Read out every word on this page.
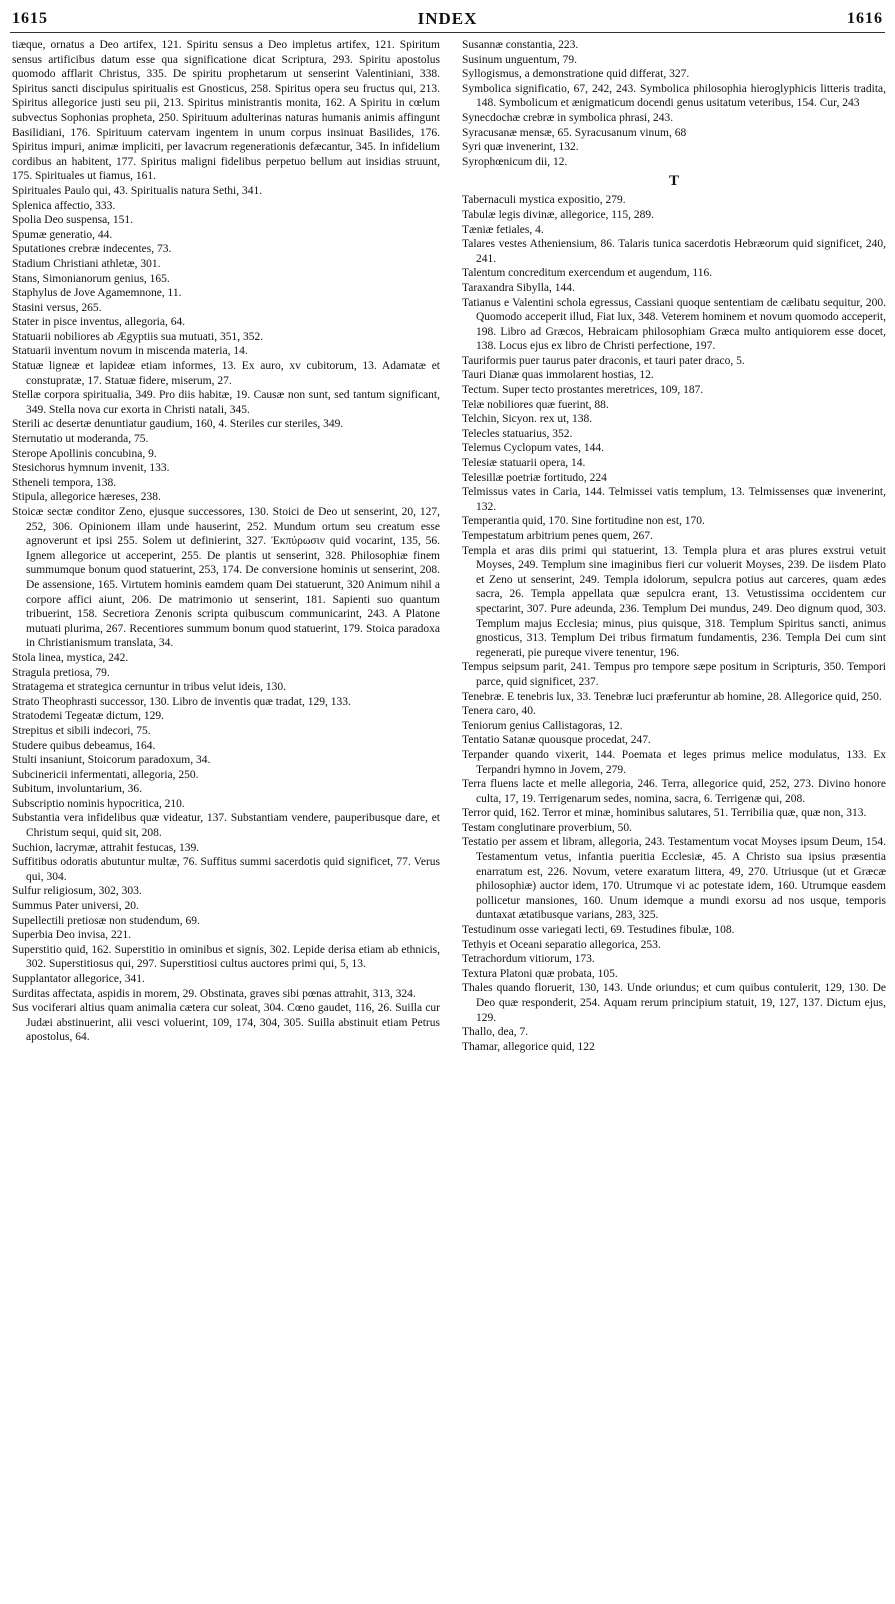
1615	INDEX	1616

tiæque, ornatus a Deo artifex, 121. Spiritu sensus a Deo impletus artifex, 121. Spiritum sensus artificibus datum esse qua significatione dicat Scriptura, 293. Spiritu apostolus quomodo afflarit Christus, 335. De spiritu prophetarum ut senserint Valentiniani, 338. Spiritus sancti discipulus spiritualis est Gnosticus, 258. Spiritus opera seu fructus qui, 213. Spiritus allegorice justi seu pii, 213. Spiritus ministrantis monita, 162. A Spiritu in cœlum subvectus Sophonias propheta, 250. Spirituum adulterinas naturas humanis animis affingunt Basilidiani, 176. Spirituum catervam ingentem in unum corpus insinuat Basilides, 176. Spiritus impuri, animæ impliciti, per lavacrum regenerationis defæcantur, 345. In infidelium cordibus an habitent, 177. Spiritus maligni fidelibus perpetuo bellum aut insidias struunt, 175. Spirituales ut fiamus, 161.

Spirituales Paulo qui, 43. Spiritualis natura Sethi, 341.

Splenica affectio, 333.

Spolia Deo suspensa, 151.

Spumæ generatio, 44.

Sputationes crebræ indecentes, 73.

Stadium Christiani athletæ, 301.

Stans, Simonianorum genius, 165.

Staphylus de Jove Agamemnone, 11.

Stasini versus, 265.

Stater in pisce inventus, allegoria, 64.

Statuarii nobiliores ab Ægyptiis sua mutuati, 351, 352.

Statuarii inventum novum in miscenda materia, 14.

Statuæ ligneæ et lapideæ etiam informes, 13. Ex auro, xv cubitorum, 13. Adamatæ et constupratæ, 17. Statuæ fidere, miserum, 27.

Stellæ corpora spiritualia, 349. Pro diis habitæ, 19. Causæ non sunt, sed tantum significant, 349. Stella nova cur exorta in Christi natali, 345.

Sterili ac desertæ denuntiatur gaudium, 160, 4. Steriles cur steriles, 349.

Sternutatio ut moderanda, 75.

Sterope Apollinis concubina, 9.

Stesichorus hymnum invenit, 133.

Stheneli tempora, 138.

Stipula, allegorice hæreses, 238.

Stoicæ sectæ conditor Zeno, ejusque successores, 130. Stoici de Deo ut senserint, 20, 127, 252, 306. Opinionem illam unde hauserint, 252. Mundum ortum seu creatum esse agnoverunt et ipsi 255. Solem ut definierint, 327. Ἐκπύρωσιν quid vocarint, 135, 56. Ignem allegorice ut acceperint, 255. De plantis ut senserint, 328. Philosophiæ finem summumque bonum quod statuerint, 253, 174. De conversione hominis ut senserint, 208. De assensione, 165. Virtutem hominis eamdem quam Dei statuerunt, 320 Animum nihil a corpore affici aiunt, 206. De matrimonio ut senserint, 181. Sapienti suo quantum tribuerint, 158. Secretiora Zenonis scripta quibuscum communicarint, 243. A Platone mutuati plurima, 267. Recentiores summum bonum quod statuerint, 179. Stoica paradoxa in Christianismum translata, 34.

Stola linea, mystica, 242.

Stragula pretiosa, 79.

Stratagema et strategica cernuntur in tribus velut ideis, 130.

Strato Theophrasti successor, 130. Libro de inventis quæ tradat, 129, 133.

Stratodemi Tegeatæ dictum, 129.

Strepitus et sibili indecori, 75.

Studere quibus debeamus, 164.

Stulti insaniunt, Stoicorum paradoxum, 34.

Subcinericii infermentati, allegoria, 250.

Subitum, involuntarium, 36.

Subscriptio nominis hypocritica, 210.

Substantia vera infidelibus quæ videatur, 137. Substantiam vendere, pauperibusque dare, et Christum sequi, quid sit, 208.

Suchion, lacrymæ, attrahit festucas, 139.

Suffitibus odoratis abutuntur multæ, 76. Suffitus summi sacerdotis quid significet, 77. Verus qui, 304.

Sulfur religiosum, 302, 303.

Summus Pater universi, 20.

Supellectili pretiosæ non studendum, 69.

Superbia Deo invisa, 221.

Superstitio quid, 162. Superstitio in ominibus et signis, 302. Lepide derisa etiam ab ethnicis, 302. Superstitiosus qui, 297. Superstitiosi cultus auctores primi qui, 5, 13.

Supplantator allegorice, 341.

Surditas affectata, aspidis in morem, 29. Obstinata, graves sibi pœnas attrahit, 313, 324.

Sus vociferari altius quam animalia cætera cur soleat, 304. Cœno gaudet, 116, 26. Suilla cur Judæi abstinuerint, alii vesci voluerint, 109, 174, 304, 305. Suilla abstinuit etiam Petrus apostolus, 64.

Susannæ constantia, 223.

Susinum unguentum, 79.

Syllogismus, a demonstratione quid differat, 327.

Symbolica significatio, 67, 242, 243. Symbolica philosophia hieroglyphicis litteris tradita, 148. Symbolicum et ænigmaticum docendi genus usitatum veteribus, 154. Cur, 243

Synecdochæ crebræ in symbolica phrasi, 243.

Syracusanæ mensæ, 65. Syracusanum vinum, 68

Syri quæ invenerint, 132.

Syrophœnicum dii, 12.

T

Tabernaculi mystica expositio, 279.

Tabulæ legis divinæ, allegorice, 115, 289.

Tæniæ fetiales, 4.

Talares vestes Atheniensium, 86. Talaris tunica sacerdotis Hebræorum quid significet, 240, 241.

Talentum concreditum exercendum et augendum, 116.

Taraxandra Sibylla, 144.

Tatianus e Valentini schola egressus, Cassiani quoque sententiam de cælibatu sequitur, 200. Quomodo acceperit illud, Fiat lux, 348. Veterem hominem et novum quomodo acceperit, 198. Libro ad Græcos, Hebraicam philosophiam Græca multo antiquiorem esse docet, 138. Locus ejus ex libro de Christi perfectione, 197.

Tauriformis puer taurus pater draconis, et tauri pater draco, 5.

Tauri Dianæ quas immolarent hostias, 12.

Tectum. Super tecto prostantes meretrices, 109, 187.

Telæ nobiliores quæ fuerint, 88.

Telchin, Sicyon. rex ut, 138.

Telecles statuarius, 352.

Telemus Cyclopum vates, 144.

Telesiæ statuarii opera, 14.

Telesillæ poetriæ fortitudo, 224

Telmissus vates in Caria, 144. Telmissei vatis templum, 13. Telmissenses quæ invenerint, 132.

Temperantia quid, 170. Sine fortitudine non est, 170.

Tempestatum arbitrium penes quem, 267.

Templa et aras diis primi qui statuerint, 13. Templa plura et aras plures exstrui vetuit Moyses, 249. Templum sine imaginibus fieri cur voluerit Moyses, 239. De iisdem Plato et Zeno ut senserint, 249. Templa idolorum, sepulcra potius aut carceres, quam ædes sacra, 26. Templa appellata quæ sepulcra erant, 13. Vetustissima occidentem cur spectarint, 307. Pure adeunda, 236. Templum Dei mundus, 249. Deo dignum quod, 303. Templum majus Ecclesia; minus, pius quisque, 318. Templum Spiritus sancti, animus gnosticus, 313. Templum Dei tribus firmatum fundamentis, 236. Templa Dei cum sint regenerati, pie pureque vivere tenentur, 196.

Tempus seipsum parit, 241. Tempus pro tempore sæpe positum in Scripturis, 350. Tempori parce, quid significet, 237.

Tenebræ. E tenebris lux, 33. Tenebræ luci præferuntur ab homine, 28. Allegorice quid, 250.

Tenera caro, 40.

Teniorum genius Callistagoras, 12.

Tentatio Satanæ quousque procedat, 247.

Terpander quando vixerit, 144. Poemata et leges primus melice modulatus, 133. Ex Terpandri hymno in Jovem, 279.

Terra fluens lacte et melle allegoria, 246. Terra, allegorice quid, 252, 273. Divino honore culta, 17, 19. Terrigenarum sedes, nomina, sacra, 6. Terrigenæ qui, 208.

Terror quid, 162. Terror et minæ, hominibus salutares, 51. Terribilia quæ, quæ non, 313.

Testam conglutinare proverbium, 50.

Testatio per assem et libram, allegoria, 243. Testamentum vocat Moyses ipsum Deum, 154. Testamentum vetus, infantia pueritia Ecclesiæ, 45. A Christo sua ipsius præsentia enarratum est, 226. Novum, vetere exaratum littera, 49, 270. Utriusque (ut et Græcæ philosophiæ) auctor idem, 170. Utrumque vi ac potestate idem, 160. Utrumque easdem pollicetur mansiones, 160. Unum idemque a mundi exorsu ad nos usque, temporis duntaxat ætatibusque varians, 283, 325.

Testudinum osse variegati lecti, 69. Testudines fibulæ, 108.

Tethyis et Oceani separatio allegorica, 253.

Tetrachordum vitiorum, 173.

Textura Platoni quæ probata, 105.

Thales quando floruerit, 130, 143. Unde oriundus; et cum quibus contulerit, 129, 130. De Deo quæ responderit, 254. Aquam rerum principium statuit, 19, 127, 137. Dictum ejus, 129.

Thallo, dea, 7.

Thamar, allegorice quid, 122
